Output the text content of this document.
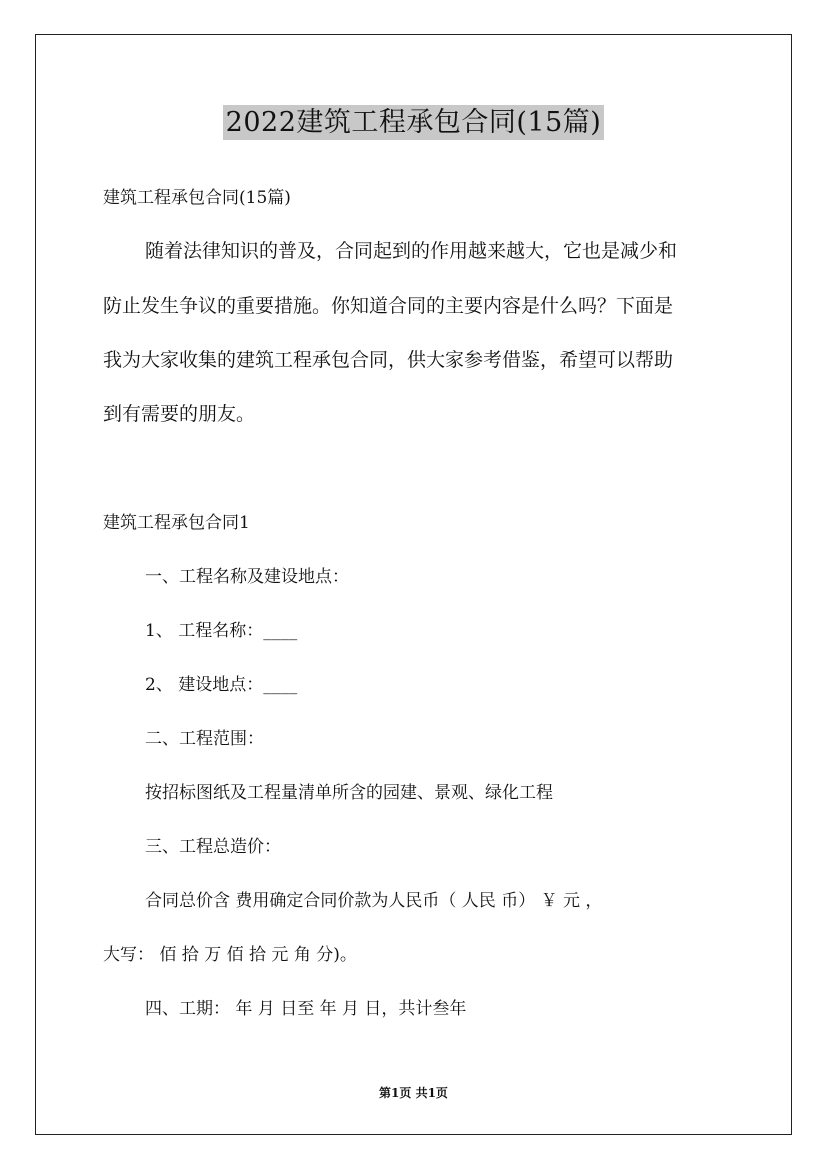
2022建筑工程承包合同(15篇)
建筑工程承包合同(15篇)
随着法律知识的普及，合同起到的作用越来越大，它也是减少和
防止发生争议的重要措施。你知道合同的主要内容是什么吗？下面是
我为大家收集的建筑工程承包合同，供大家参考借鉴，希望可以帮助
到有需要的朋友。
建筑工程承包合同1
一、工程名称及建设地点：
1、 工程名称：____
2、 建设地点：____
二、工程范围：
按招标图纸及工程量清单所含的园建、景观、绿化工程
三、工程总造价：
合同总价含 费用确定合同价款为人民币（ 人民 币） ￥ 元 ，
大写： 佰 拾 万 佰 拾 元 角 分)。
四、工期： 年 月 日至 年 月 日，共计叁年
第1页 共1页
